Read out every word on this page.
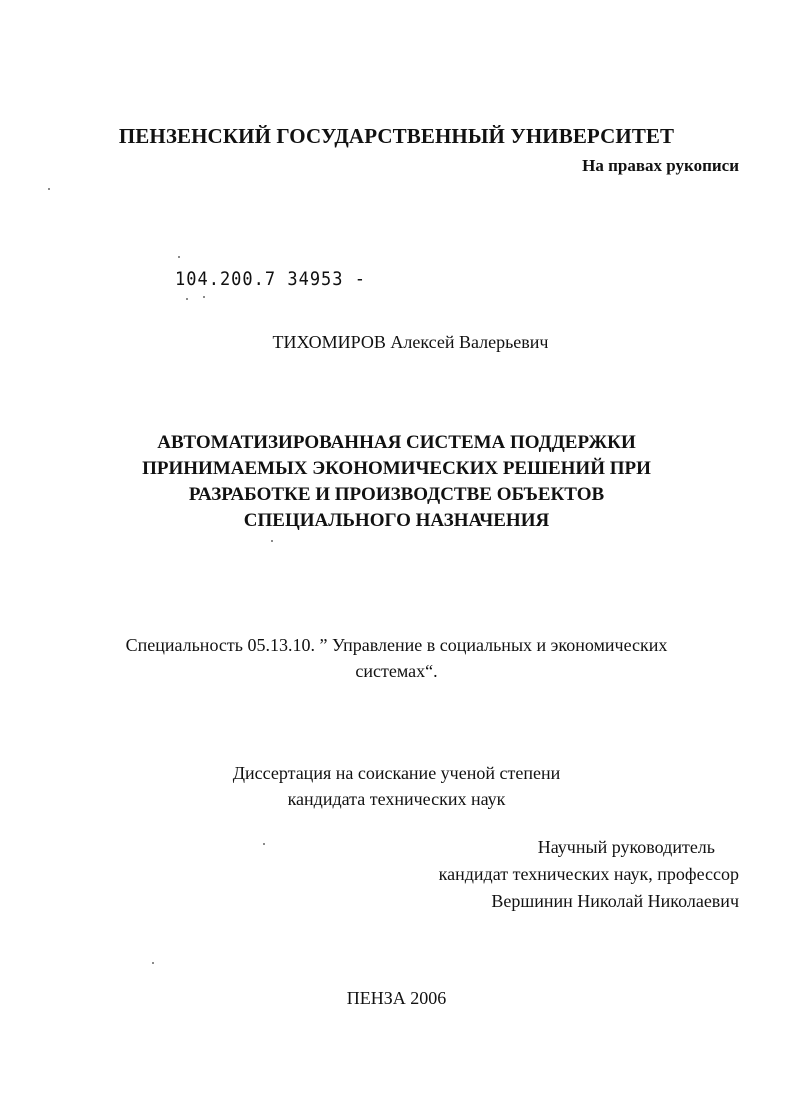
ПЕНЗЕНСКИЙ ГОСУДАРСТВЕННЫЙ УНИВЕРСИТЕТ
На правах рукописи
104.200.7 34953 -
ТИХОМИРОВ Алексей Валерьевич
АВТОМАТИЗИРОВАННАЯ СИСТЕМА ПОДДЕРЖКИ
ПРИНИМАЕМЫХ ЭКОНОМИЧЕСКИХ РЕШЕНИЙ ПРИ
РАЗРАБОТКЕ И ПРОИЗВОДСТВЕ ОБЪЕКТОВ
СПЕЦИАЛЬНОГО НАЗНАЧЕНИЯ
Специальность 05.13.10. ” Управление в социальных и экономических
системах“.
Диссертация на соискание ученой степени
кандидата технических наук
Научный руководитель
кандидат технических наук, профессор
Вершинин Николай Николаевич
ПЕНЗА 2006
